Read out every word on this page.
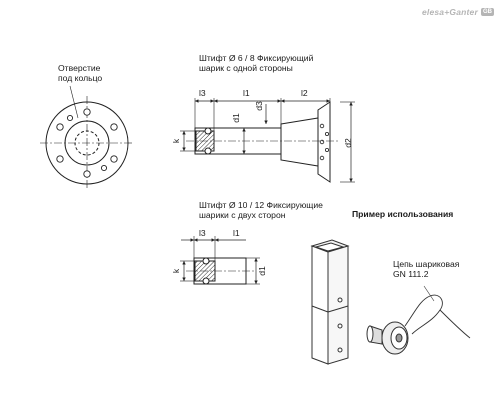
elesa+Ganter GB
Отверстие
под кольцо
Штифт Ø 6 / 8 Фиксирующий
шарик с одной стороны
Штифт Ø 10 / 12 Фиксирующие
шарики с двух сторон	Пример использования
Цепь шариковая
GN 111.2
l3	l1	l2
d1
d3
d2
k
l3	l1
k	d1
